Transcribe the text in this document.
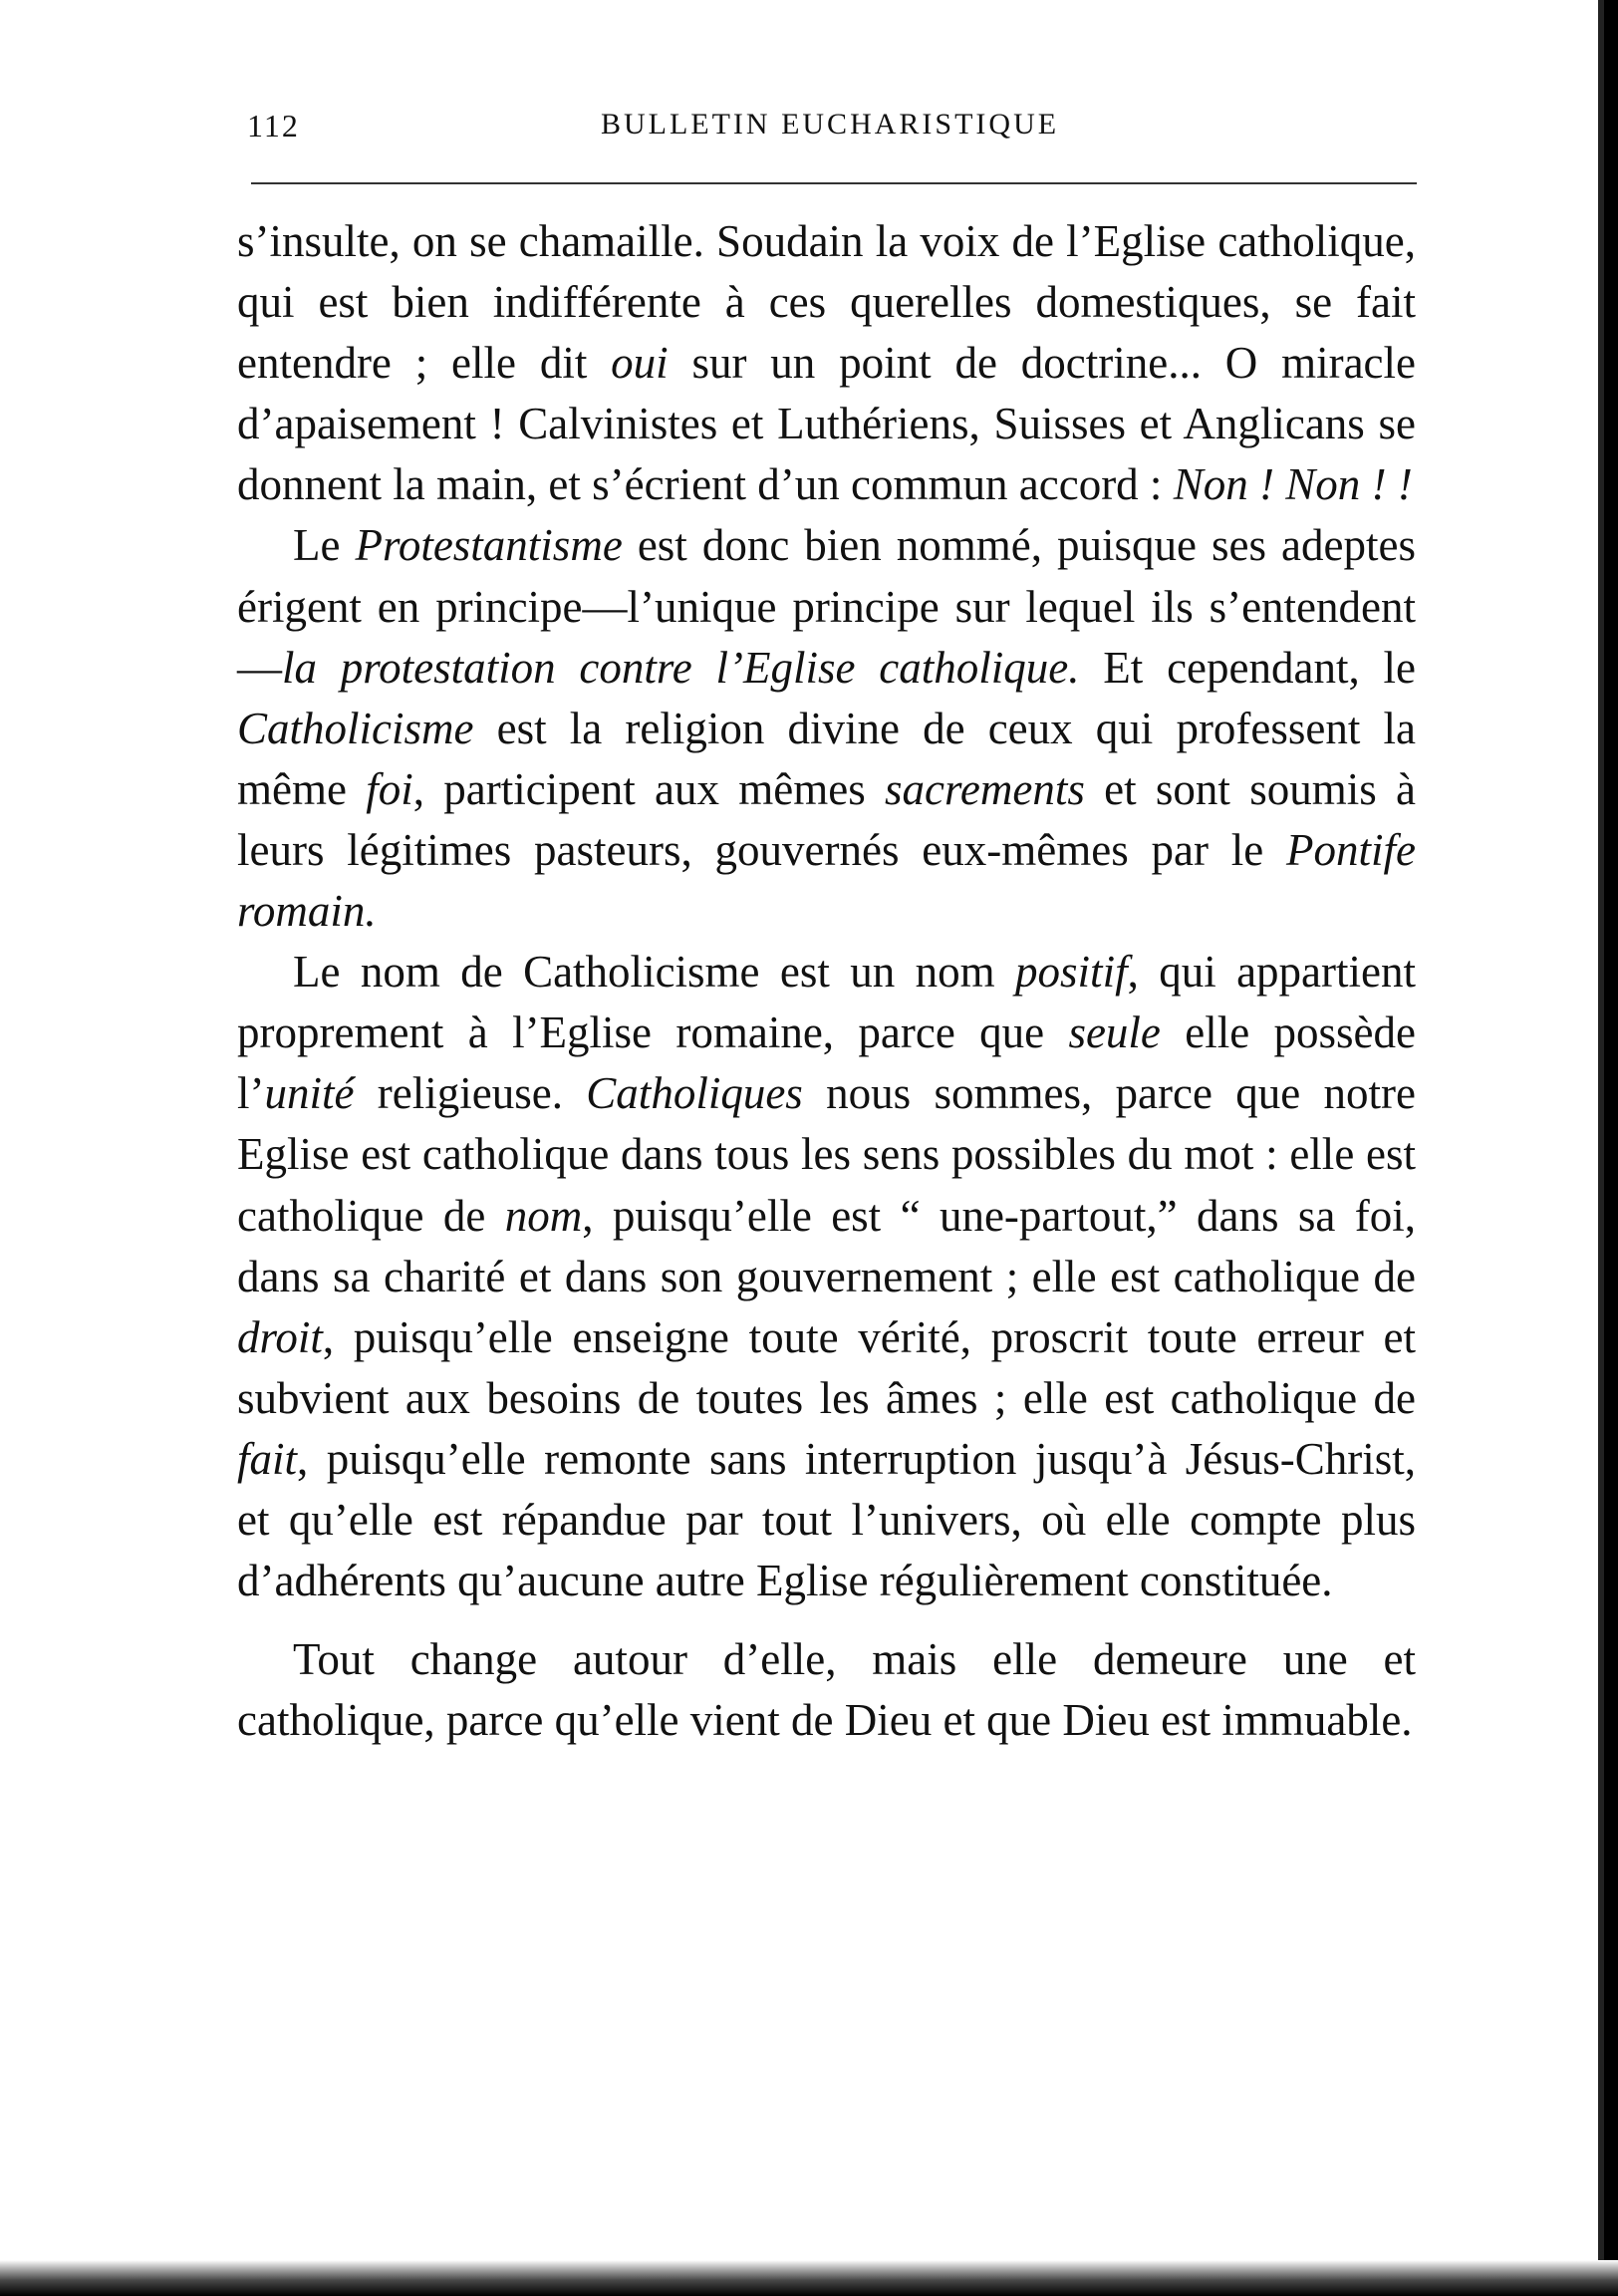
112	BULLETIN EUCHARISTIQUE

s’insulte, on se chamaille. Soudain la voix de l’Eglise catholique, qui est bien indifférente à ces querelles domestiques, se fait entendre ; elle dit oui sur un point de doctrine... O miracle d’apaisement ! Calvinistes et Luthériens, Suisses et Anglicans se donnent la main, et s’écrient d’un commun accord : Non ! Non ! !

Le Protestantisme est donc bien nommé, puisque ses adeptes érigent en principe—l’unique principe sur lequel ils s’entendent—la protestation contre l’Eglise catholique. Et cependant, le Catholicisme est la religion divine de ceux qui professent la même foi, participent aux mêmes sacrements et sont soumis à leurs légitimes pasteurs, gouvernés eux-mêmes par le Pontife romain.

Le nom de Catholicisme est un nom positif, qui appartient proprement à l’Eglise romaine, parce que seule elle possède l’unité religieuse. Catholiques nous sommes, parce que notre Eglise est catholique dans tous les sens possibles du mot : elle est catholique de nom, puisqu’elle est “ une-partout,” dans sa foi, dans sa charité et dans son gouvernement ; elle est catholique de droit, puisqu’elle enseigne toute vérité, proscrit toute erreur et subvient aux besoins de toutes les âmes ; elle est catholique de fait, puisqu’elle remonte sans interruption jusqu’à Jésus-Christ, et qu’elle est répandue par tout l’univers, où elle compte plus d’adhérents qu’aucune autre Eglise régulièrement constituée.

Tout change autour d’elle, mais elle demeure une et catholique, parce qu’elle vient de Dieu et que Dieu est immuable.
